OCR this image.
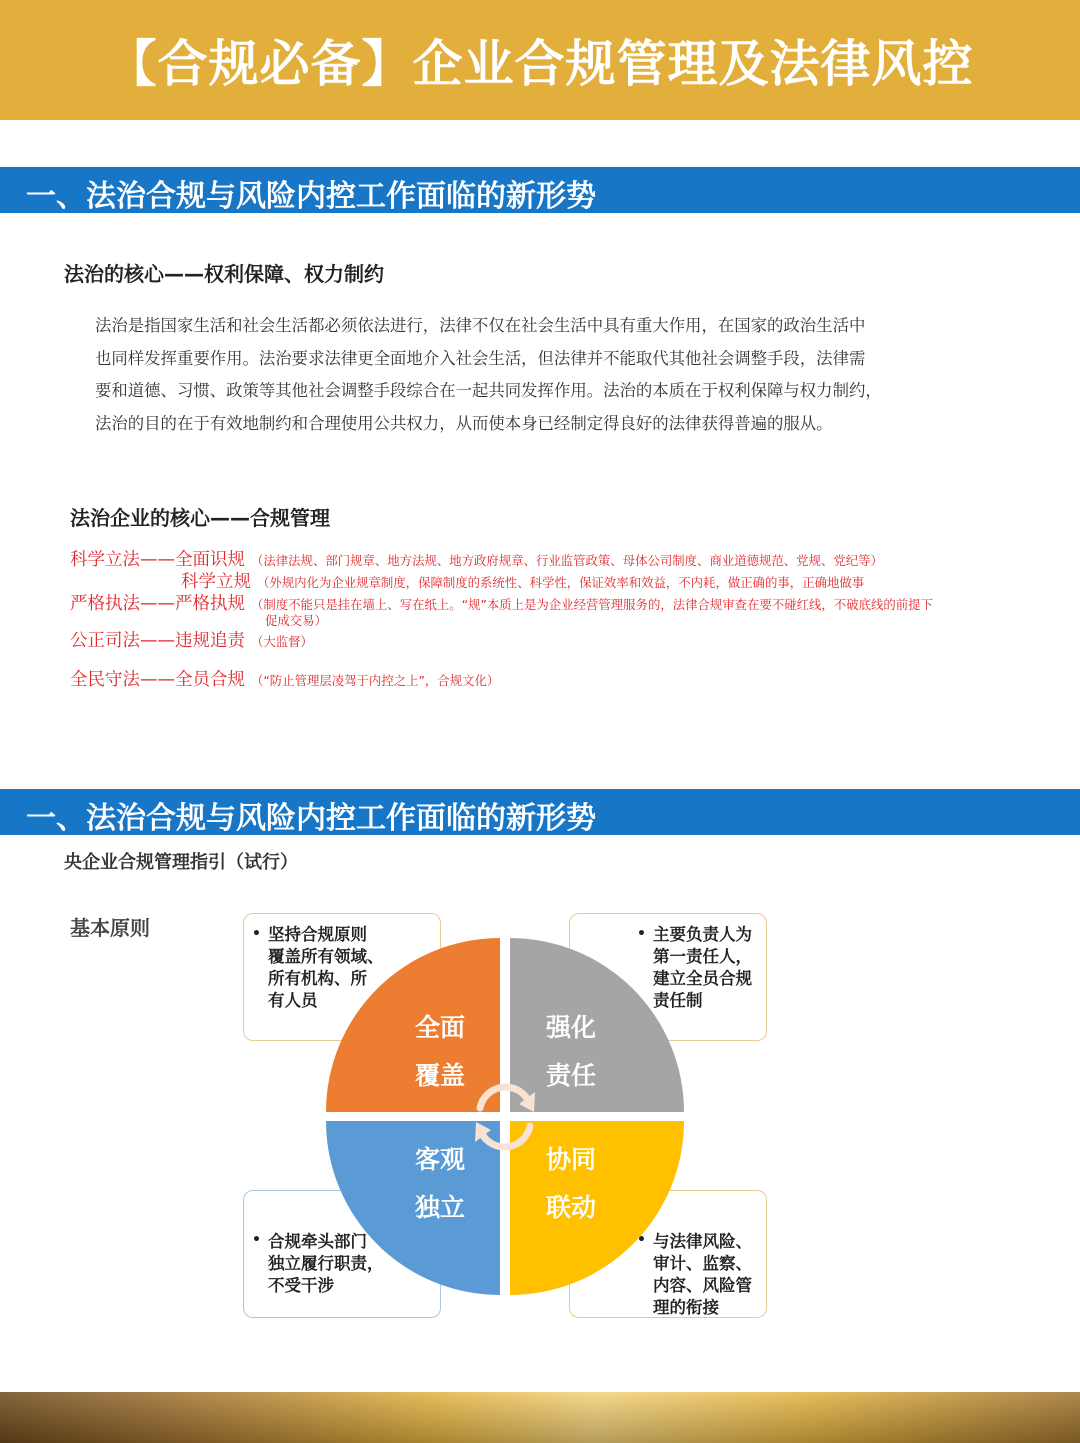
【合规必备】企业合规管理及法律风控
一、法治合规与风险内控工作面临的新形势
法治的核心——权利保障、权力制约

法治是指国家生活和社会生活都必须依法进行，法律不仅在社会生活中具有重大作用，在国家的政治生活中

也同样发挥重要作用。法治要求法律更全面地介入社会生活，但法律并不能取代其他社会调整手段，法律需

要和道德、习惯、政策等其他社会调整手段综合在一起共同发挥作用。法治的本质在于权利保障与权力制约，

法治的目的在于有效地制约和合理使用公共权力，从而使本身已经制定得良好的法律获得普遍的服从。

法治企业的核心——合规管理
科学立法——全面识规 （法律法规、部门规章、地方法规、地方政府规章、行业监管政策、母体公司制度、商业道德规范、党规、党纪等）
科学立规 （外规内化为企业规章制度，保障制度的系统性、科学性，保证效率和效益，不内耗，做正确的事，正确地做事
严格执法——严格执规 （制度不能只是挂在墙上、写在纸上。“规”本质上是为企业经营管理服务的，法律合规审查在要不碰红线，不破底线的前提下
促成交易）
公正司法——违规追责 （大监督）
全民守法——全员合规 （“防止管理层凌驾于内控之上”，合规文化）
一、法治合规与风险内控工作面临的新形势
央企业合规管理指引（试行）
基本原则	• 坚持合规原则
覆盖所有领域、
所有机构、所
有人员
• 主要负责人为
第一责任人，
建立全员合规
责任制
• 合规牵头部门
独立履行职责，
不受干涉
• 与法律风险、
审计、监察、
内容、风险管
理的衔接
全面
覆盖
强化
责任
客观
独立
协同
联动
